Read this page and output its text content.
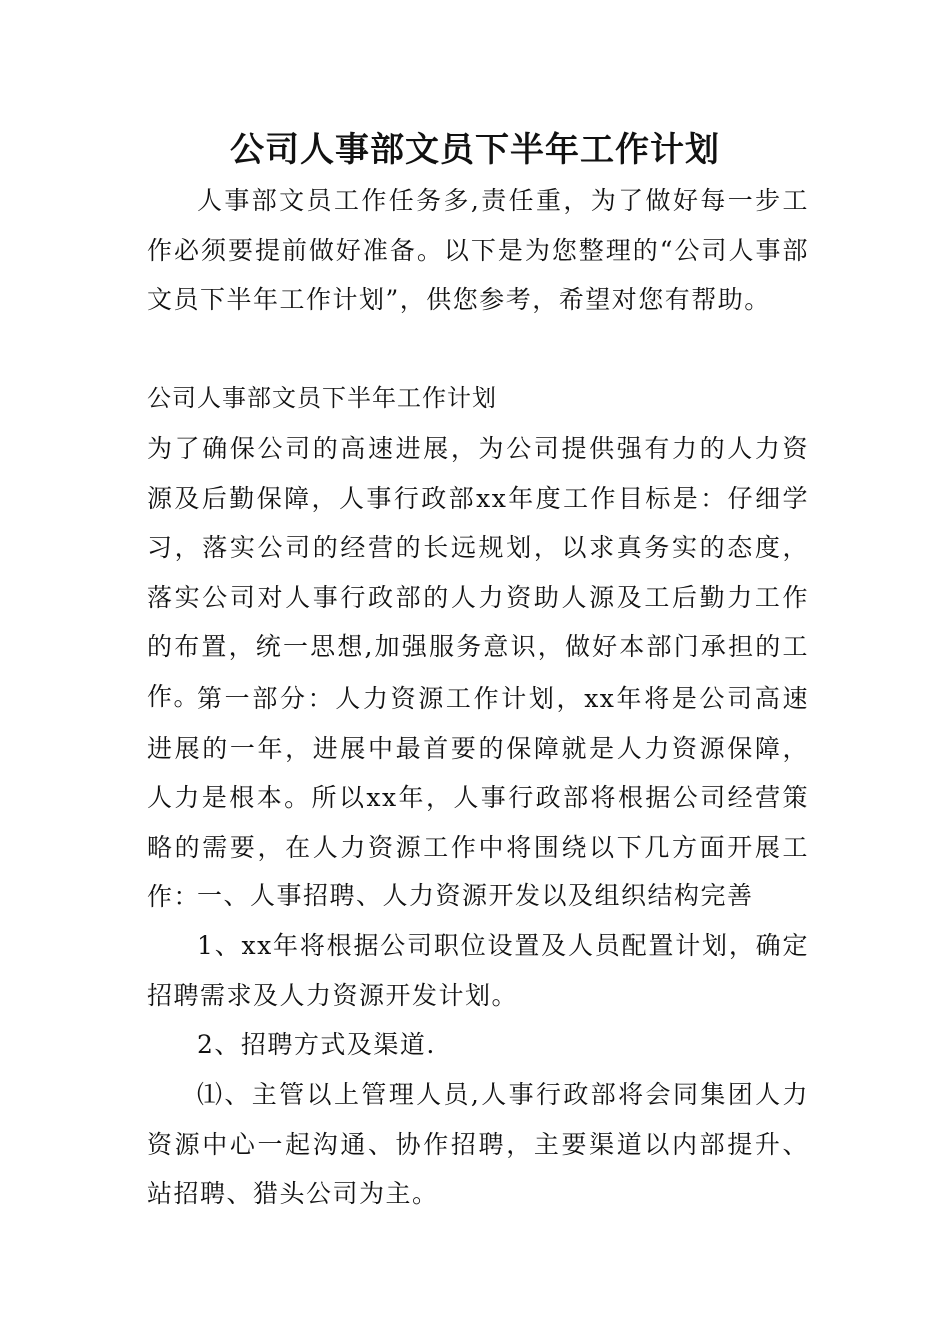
公司人事部文员下半年工作计划

人事部文员工作任务多,责任重，为了做好每一步工作必须要提前做好准备。以下是为您整理的“公司人事部文员下半年工作计划”，供您参考，希望对您有帮助。

公司人事部文员下半年工作计划

为了确保公司的高速进展，为公司提供强有力的人力资源及后勤保障，人事行政部xx年度工作目标是：仔细学习，落实公司的经营的长远规划，以求真务实的态度，落实公司对人事行政部的人力资助人源及工后勤力工作的布置，统一思想,加强服务意识，做好本部门承担的工作。

第一部分：人力资源工作计划，xx年将是公司高速进展的一年，进展中最首要的保障就是人力资源保障，人力是根本。所以xx年，人事行政部将根据公司经营策略的需要，在人力资源工作中将围绕以下几方面开展工作：

一、人事招聘、人力资源开发以及组织结构完善

1、xx年将根据公司职位设置及人员配置计划，确定招聘需求及人力资源开发计划。

2、招聘方式及渠道.

⑴、主管以上管理人员,人事行政部将会同集团人力资源中心一起沟通、协作招聘，主要渠道以内部提升、站招聘、猎头公司为主。
